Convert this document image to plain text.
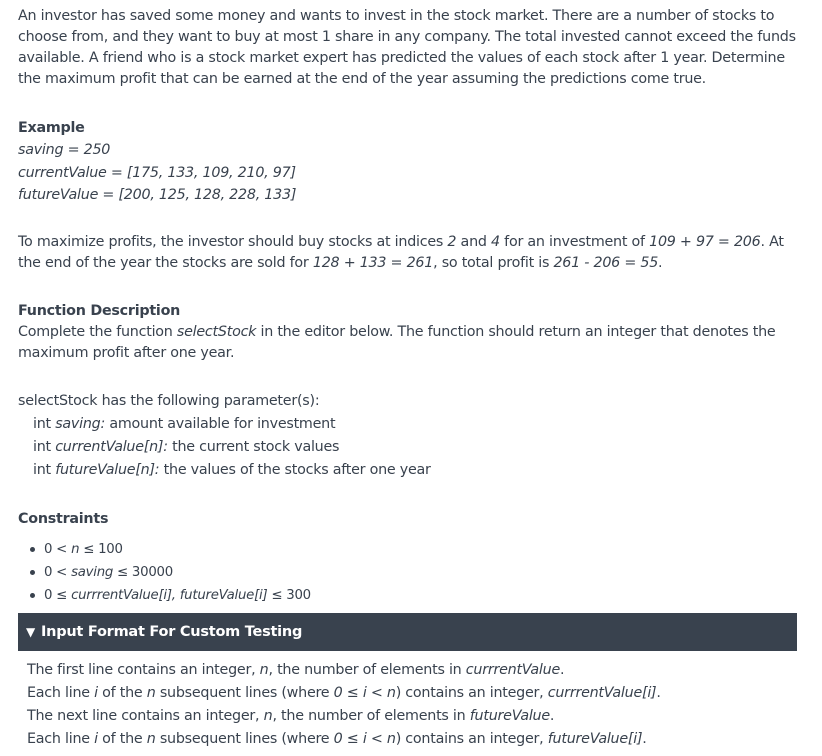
An investor has saved some money and wants to invest in the stock market. There are a number of stocks to choose from, and they want to buy at most 1 share in any company. The total invested cannot exceed the funds available. A friend who is a stock market expert has predicted the values of each stock after 1 year. Determine the maximum profit that can be earned at the end of the year assuming the predictions come true.

Example
saving = 250
currentValue = [175, 133, 109, 210, 97]
futureValue = [200, 125, 128, 228, 133]

To maximize profits, the investor should buy stocks at indices 2 and 4 for an investment of 109 + 97 = 206. At the end of the year the stocks are sold for 128 + 133 = 261, so total profit is 261 - 206 = 55.

Function Description

Complete the function selectStock in the editor below. The function should return an integer that denotes the maximum profit after one year.

selectStock has the following parameter(s):
int saving: amount available for investment
int currentValue[n]: the current stock values
int futureValue[n]: the values of the stocks after one year
Constraints
0 < n ≤ 100
0 < saving ≤ 30000
0 ≤ currrentValue[i], futureValue[i] ≤ 300
▼ Input Format For Custom Testing

The first line contains an integer, n, the number of elements in currrentValue.

Each line i of the n subsequent lines (where 0 ≤ i < n) contains an integer, currrentValue[i].

The next line contains an integer, n, the number of elements in futureValue.

Each line i of the n subsequent lines (where 0 ≤ i < n) contains an integer, futureValue[i].
